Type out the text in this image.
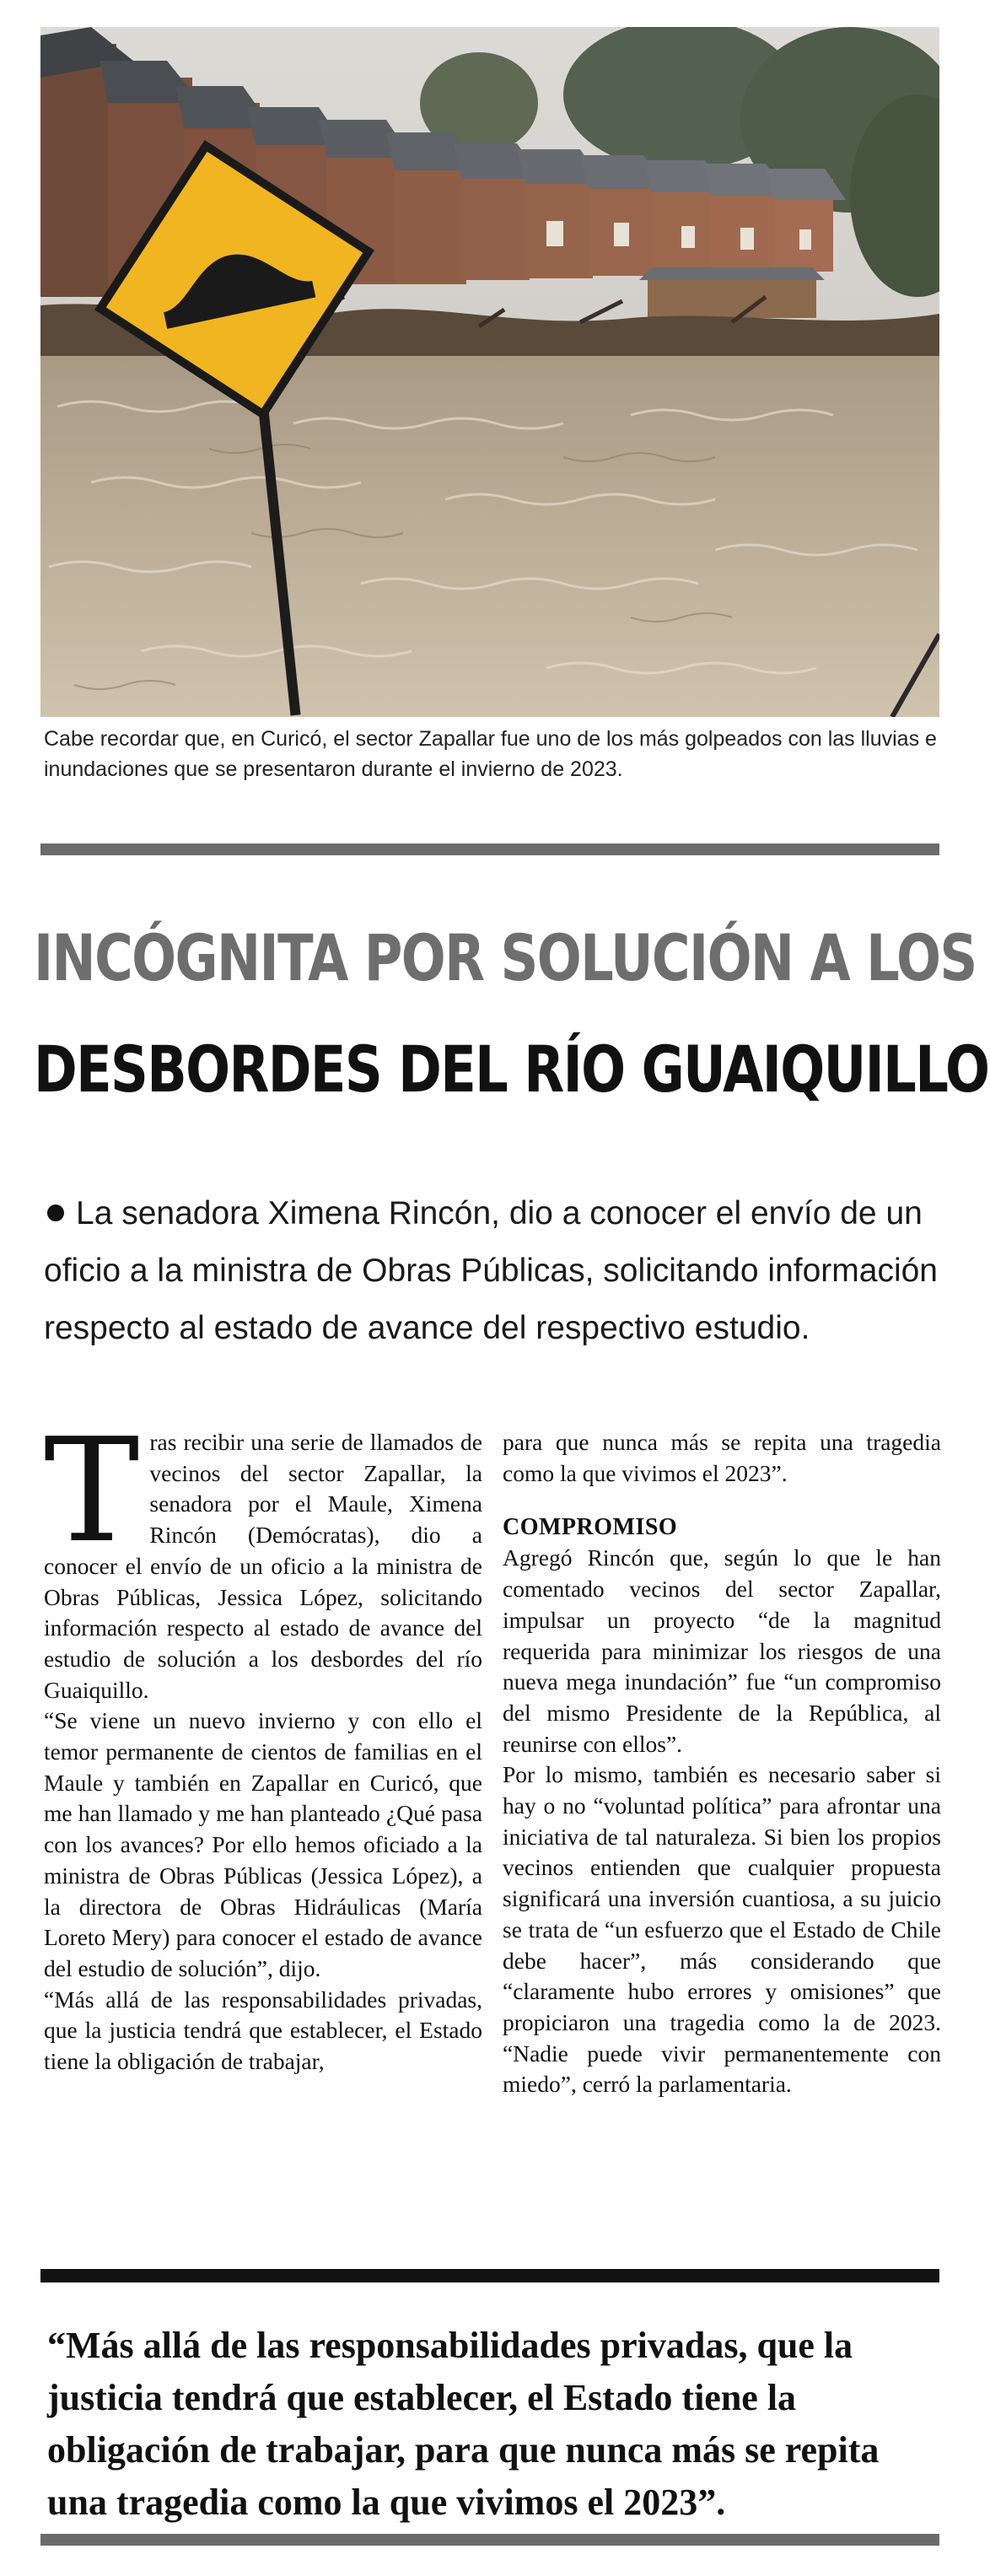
Cabe recordar que, en Curicó, el sector Zapallar fue uno de los más golpeados con las lluvias e inundaciones que se presentaron durante el invierno de 2023.
INCÓGNITA POR SOLUCIÓN A LOS
DESBORDES DEL RÍO GUAIQUILLO
La senadora Ximena Rincón, dio a conocer el envío de un oficio a la ministra de Obras Públicas, solicitando información respecto al estado de avance del respectivo estudio.

Tras recibir una serie de llamados de vecinos del sector Zapallar, la senadora por el Maule, Ximena Rincón (Demócratas), dio a conocer el envío de un oficio a la ministra de Obras Públicas, Jessica López, solicitando información respecto al estado de avance del estudio de solución a los desbordes del río Guaiquillo.

“Se viene un nuevo invierno y con ello el temor permanente de cientos de familias en el Maule y también en Zapallar en Curicó, que me han llamado y me han planteado ¿Qué pasa con los avances? Por ello hemos oficiado a la ministra de Obras Públicas (Jessica López), a la directora de Obras Hidráulicas (María Loreto Mery) para conocer el estado de avance del estudio de solución”, dijo.

“Más allá de las responsabilidades privadas, que la justicia tendrá que establecer, el Estado tiene la obligación de trabajar,

para que nunca más se repita una tragedia como la que vivimos el 2023”.

COMPROMISO

Agregó Rincón que, según lo que le han comentado vecinos del sector Zapallar, impulsar un proyecto “de la magnitud requerida para minimizar los riesgos de una nueva mega inundación” fue “un compromiso del mismo Presidente de la República, al reunirse con ellos”.

Por lo mismo, también es necesario saber si hay o no “voluntad política” para afrontar una iniciativa de tal naturaleza. Si bien los propios vecinos entienden que cualquier propuesta significará una inversión cuantiosa, a su juicio se trata de “un esfuerzo que el Estado de Chile debe hacer”, más considerando que “claramente hubo errores y omisiones” que propiciaron una tragedia como la de 2023. “Nadie puede vivir permanentemente con miedo”, cerró la parlamentaria.

“Más allá de las responsabilidades privadas, que la justicia tendrá que establecer, el Estado tiene la obligación de trabajar, para que nunca más se repita una tragedia como la que vivimos el 2023”.
